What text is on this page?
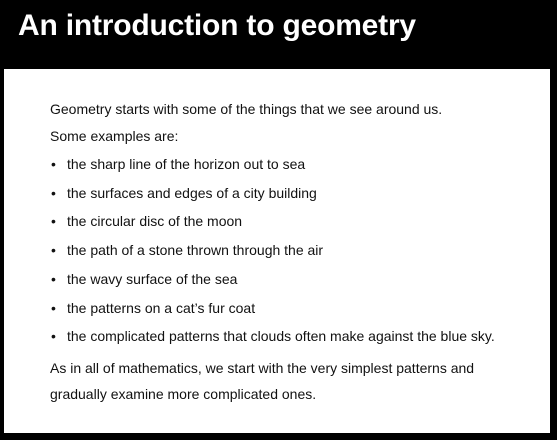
An introduction to geometry

Geometry starts with some of the things that we see around us.

Some examples are:

• the sharp line of the horizon out to sea
• the surfaces and edges of a city building
• the circular disc of the moon
• the path of a stone thrown through the air
• the wavy surface of the sea
• the patterns on a cat’s fur coat
• the complicated patterns that clouds often make against the blue sky.
As in all of mathematics, we start with the very simplest patterns and
gradually examine more complicated ones.
